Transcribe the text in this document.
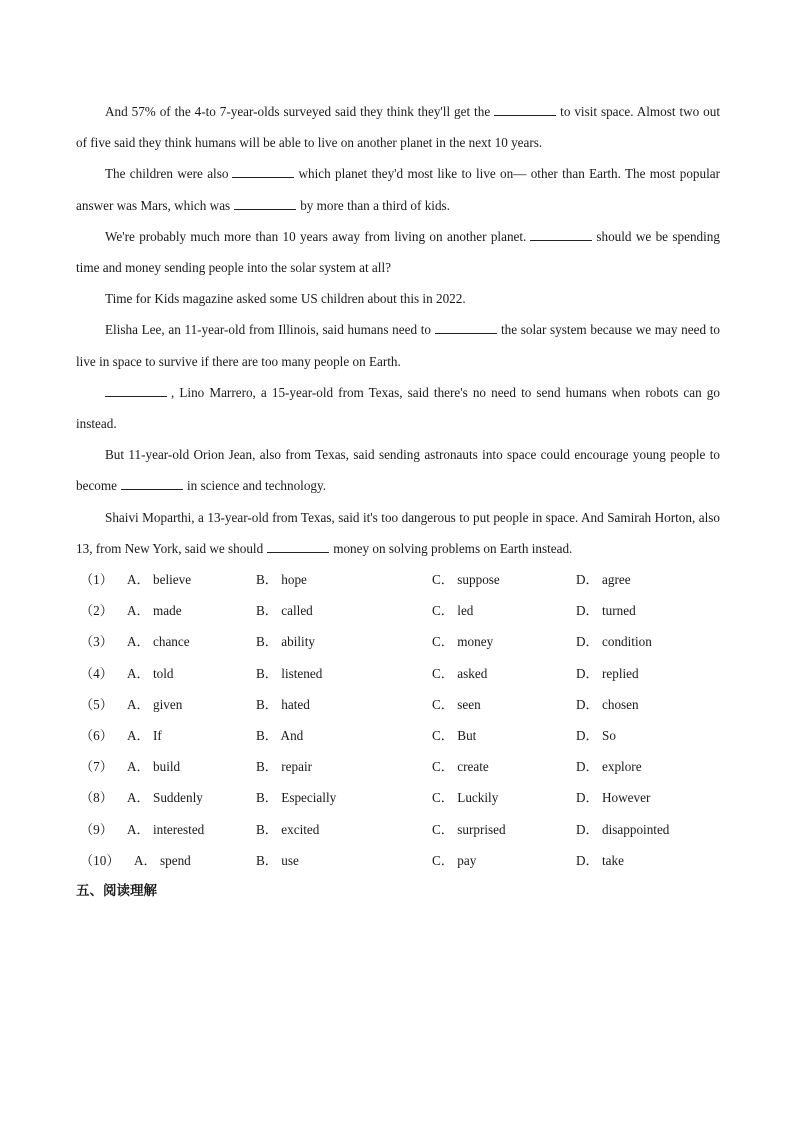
And 57% of the 4-to 7-year-olds surveyed said they think they'll get the	to visit space. Almost two out of five said they think humans will be able to live on another planet in the next 10 years.

The children were also	which planet they'd most like to live on— other than Earth. The most popular answer was Mars, which was	by more than a third of kids.

We're probably much more than 10 years away from living on another planet.	should we be spending time and money sending people into the solar system at all?

Time for Kids magazine asked some US children about this in 2022.

Elisha Lee, an 11-year-old from Illinois, said humans need to	the solar system because we may need to live in space to survive if there are too many people on Earth.

, Lino Marrero, a 15-year-old from Texas, said there's no need to send humans when robots can go instead.

But 11-year-old Orion Jean, also from Texas, said sending astronauts into space could encourage young people to become	in science and technology.

Shaivi Moparthi, a 13-year-old from Texas, said it's too dangerous to put people in space. And Samirah Horton, also 13, from New York, said we should	money on solving problems on Earth instead.

（1） A． believe	B． hope	C． suppose	D． agree
（2） A． made	B． called	C． led	D． turned
（3） A． chance	B． ability	C． money	D． condition
（4） A． told	B． listened	C． asked	D． replied
（5） A． given	B． hated	C． seen	D． chosen
（6） A． If	B． And	C． But	D． So
（7） A． build	B． repair	C． create	D． explore
（8） A． Suddenly	B． Especially	C． Luckily	D． However
（9） A． interested	B． excited	C． surprised	D． disappointed
（10） A． spend	B． use	C． pay	D． take
五、阅读理解
